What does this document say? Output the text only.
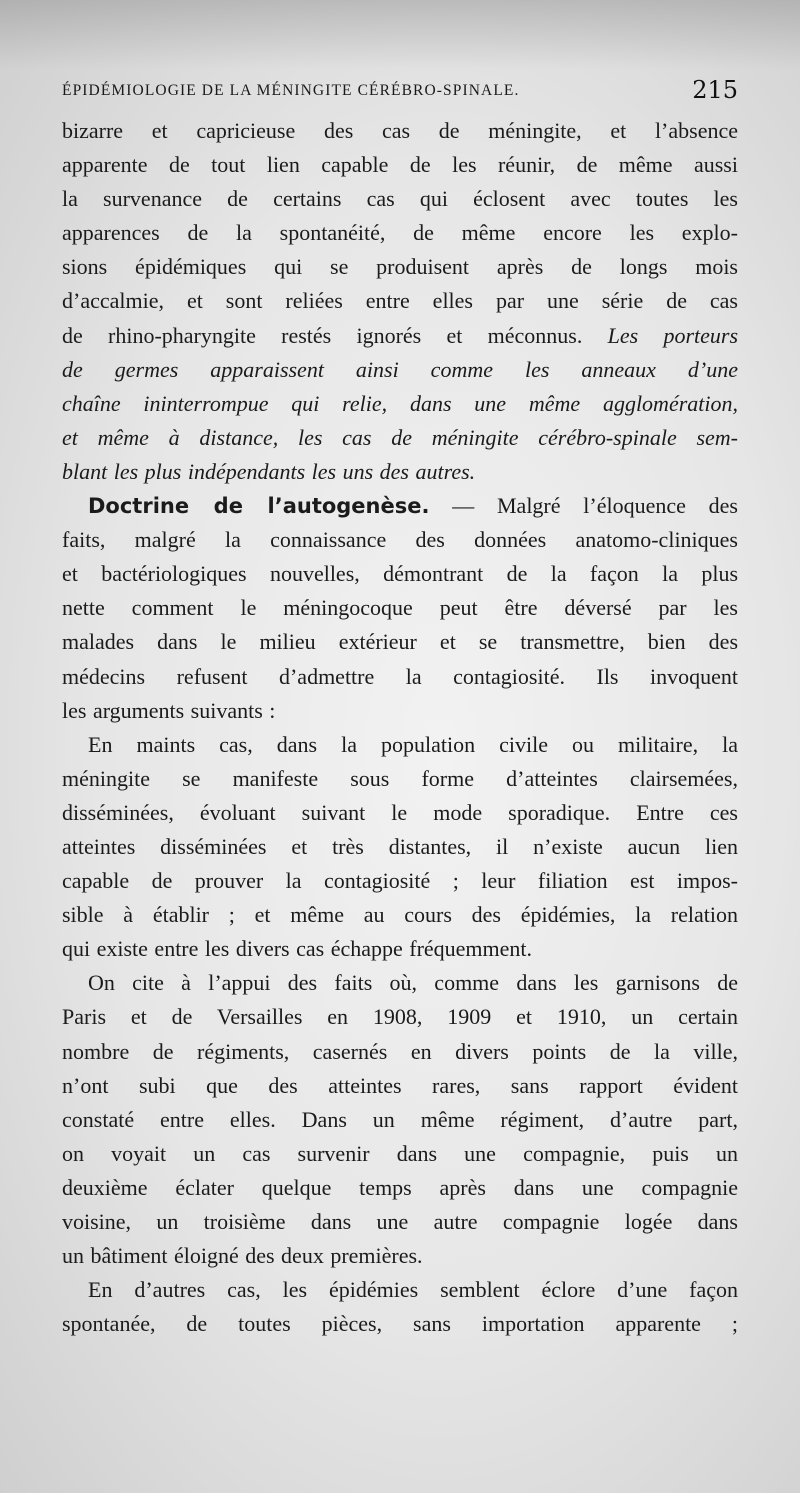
ÉPIDÉMIOLOGIE DE LA MÉNINGITE CÉRÉBRO-SPINALE.	215
bizarre et capricieuse des cas de méningite, et l’absence
apparente de tout lien capable de les réunir, de même aussi
la survenance de certains cas qui éclosent avec toutes les
apparences de la spontanéité, de même encore les explo-
sions épidémiques qui se produisent après de longs mois
d’accalmie, et sont reliées entre elles par une série de cas
de rhino-pharyngite restés ignorés et méconnus. Les porteurs
de germes apparaissent ainsi comme les anneaux d’une
chaîne ininterrompue qui relie, dans une même agglomération,
et même à distance, les cas de méningite cérébro-spinale sem-
blant les plus indépendants les uns des autres.
Doctrine de l’autogenèse. — Malgré l’éloquence des
faits, malgré la connaissance des données anatomo-cliniques
et bactériologiques nouvelles, démontrant de la façon la plus
nette comment le méningocoque peut être déversé par les
malades dans le milieu extérieur et se transmettre, bien des
médecins refusent d’admettre la contagiosité. Ils invoquent
les arguments suivants :
En maints cas, dans la population civile ou militaire, la
méningite se manifeste sous forme d’atteintes clairsemées,
disséminées, évoluant suivant le mode sporadique. Entre ces
atteintes disséminées et très distantes, il n’existe aucun lien
capable de prouver la contagiosité ; leur filiation est impos-
sible à établir ; et même au cours des épidémies, la relation
qui existe entre les divers cas échappe fréquemment.
On cite à l’appui des faits où, comme dans les garnisons de
Paris et de Versailles en 1908, 1909 et 1910, un certain
nombre de régiments, casernés en divers points de la ville,
n’ont subi que des atteintes rares, sans rapport évident
constaté entre elles. Dans un même régiment, d’autre part,
on voyait un cas survenir dans une compagnie, puis un
deuxième éclater quelque temps après dans une compagnie
voisine, un troisième dans une autre compagnie logée dans
un bâtiment éloigné des deux premières.
En d’autres cas, les épidémies semblent éclore d’une façon
spontanée, de toutes pièces, sans importation apparente ;
